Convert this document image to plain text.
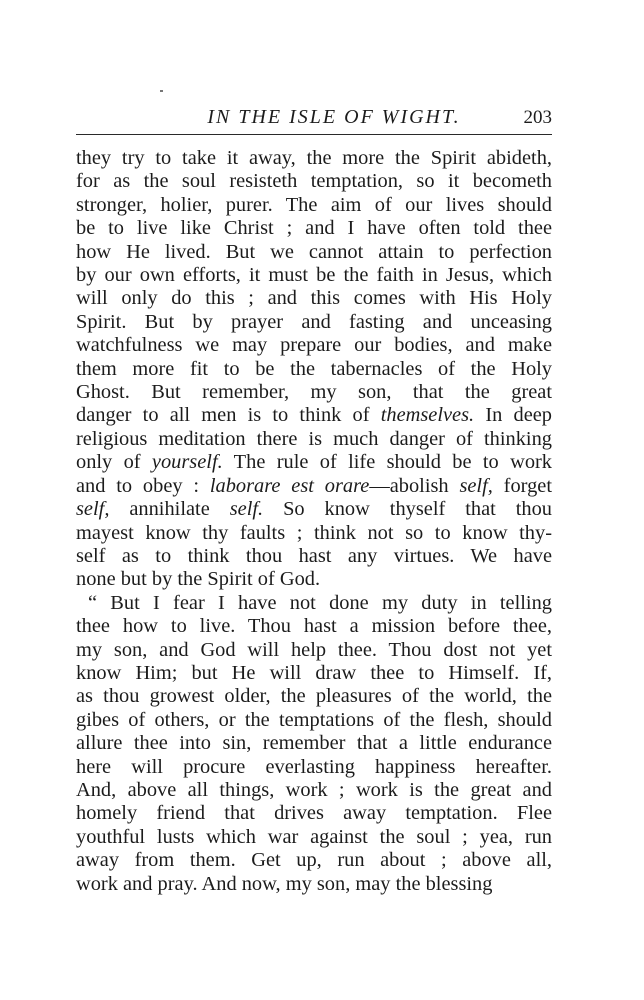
IN THE ISLE OF WIGHT.	203
they try to take it away, the more the Spirit abideth,
for as the soul resisteth temptation, so it becometh
stronger, holier, purer. The aim of our lives should
be to live like Christ ; and I have often told thee
how He lived. But we cannot attain to perfection
by our own efforts, it must be the faith in Jesus, which
will only do this ; and this comes with His Holy
Spirit. But by prayer and fasting and unceasing
watchfulness we may prepare our bodies, and make
them more fit to be the tabernacles of the Holy
Ghost. But remember, my son, that the great
danger to all men is to think of themselves. In deep
religious meditation there is much danger of thinking
only of yourself. The rule of life should be to work
and to obey : laborare est orare—abolish self, forget
self, annihilate self. So know thyself that thou
mayest know thy faults ; think not so to know thy-
self as to think thou hast any virtues. We have
none but by the Spirit of God.
“ But I fear I have not done my duty in telling
thee how to live. Thou hast a mission before thee,
my son, and God will help thee. Thou dost not yet
know Him; but He will draw thee to Himself. If,
as thou growest older, the pleasures of the world, the
gibes of others, or the temptations of the flesh, should
allure thee into sin, remember that a little endurance
here will procure everlasting happiness hereafter.
And, above all things, work ; work is the great and
homely friend that drives away temptation. Flee
youthful lusts which war against the soul ; yea, run
away from them. Get up, run about ; above all,
work and pray. And now, my son, may the blessing
